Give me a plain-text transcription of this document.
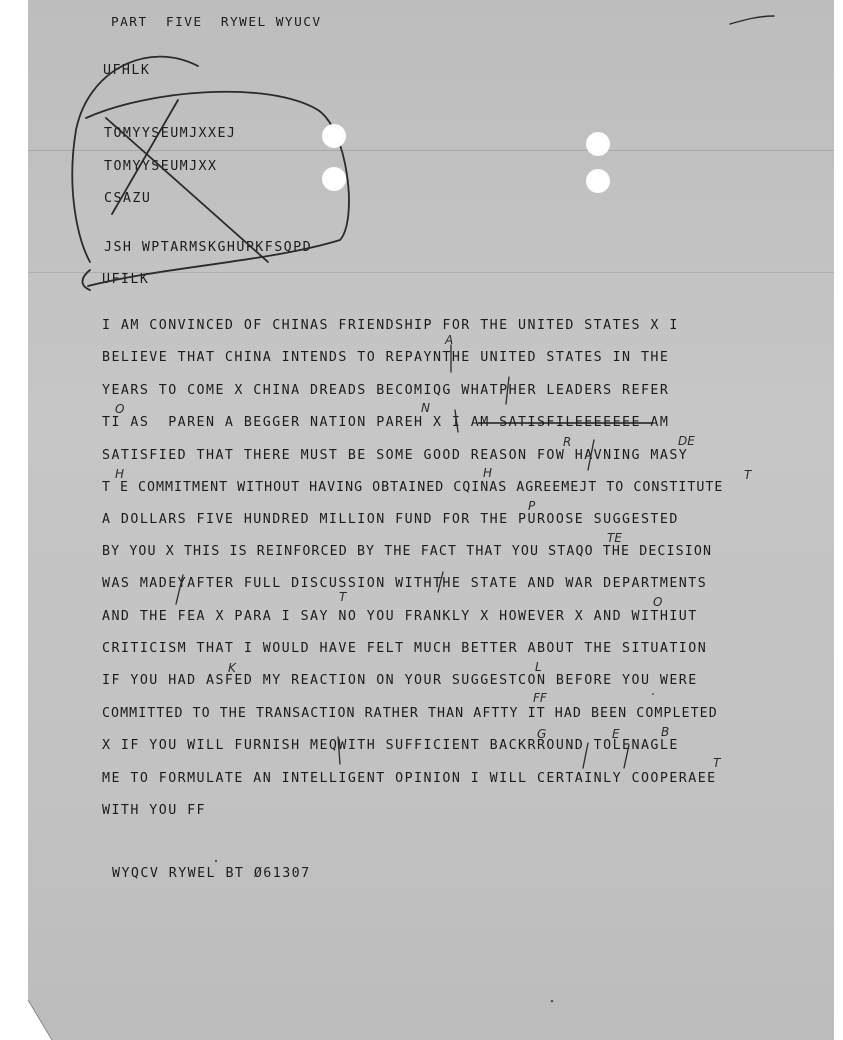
PART  FIVE  RYWEL WYUCV
UFHLK
TOMYYSEUMJXXEJ
TOMYYSEUMJXX
CSAZU
JSH WPTARMSKGHUPKFSQPD
UFILK
I AM CONVINCED OF CHINAS FRIENDSHIP FOR THE UNITED STATES X I
BELIEVE THAT CHINA INTENDS TO REPAYNTHE UNITED STATES IN THE
YEARS TO COME X CHINA DREADS BECOMIQG WHATPHER LEADERS REFER
TI AS  PAREN A BEGGER NATION PAREH X I AM SATISFILEEEEEEE AM
SATISFIED THAT THERE MUST BE SOME GOOD REASON FOW HAVNING MASY
T E COMMITMENT WITHOUT HAVING OBTAINED CQINAS AGREEMEJT TO CONSTITUTE
A DOLLARS FIVE HUNDRED MILLION FUND FOR THE PUROOSE SUGGESTED
BY YOU X THIS IS REINFORCED BY THE FACT THAT YOU STAQO THE DECISION
WAS MADEYAFTER FULL DISCUSSION WITHTHE STATE AND WAR DEPARTMENTS
AND THE FEA X PARA I SAY NO YOU FRANKLY X HOWEVER X AND WITHIUT
CRITICISM THAT I WOULD HAVE FELT MUCH BETTER ABOUT THE SITUATION
IF YOU HAD ASFED MY REACTION ON YOUR SUGGESTCON BEFORE YOU WERE
COMMITTED TO THE TRANSACTION RATHER THAN AFTTY IT HAD BEEN COMPLETED
X IF YOU WILL FURNISH MEQWITH SUFFICIENT BACKRROUND TOLENAGLE
ME TO FORMULATE AN INTELLIGENT OPINION I WILL CERTAINLY COOPERAEE
WITH YOU FF
WYQCV RYWEL BT Ø61307
A
O	N
R	DE
H	T
H
P
TE
T	O
K	L
FF
G	E	B
T
